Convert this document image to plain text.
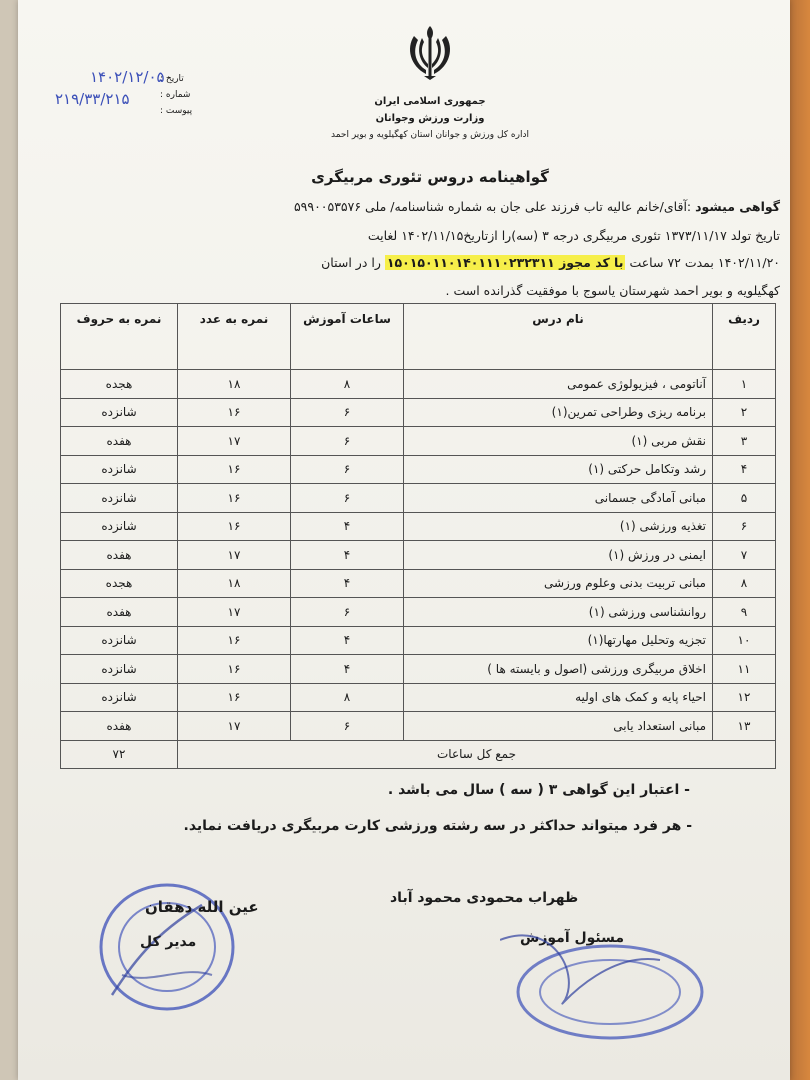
جمهوری اسلامی ایران
وزارت ورزش وجوانان
اداره کل ورزش و جوانان استان کهگیلویه و بویر احمد
تاریخ :
شماره :
پیوست :
۱۴۰۲/۱۲/۰۵
۲۱۹/۳۳/۲۱۵
گواهینامه دروس تئوری مربیگری
گواهی میشود :آقای/خانم عالیه تاب فرزند علی جان به شماره شناسنامه/ ملی ۵۹۹۰۰۵۳۵۷۶
تاریخ تولد ۱۳۷۳/۱۱/۱۷ تئوری مربیگری درجه ۳ (سه)را ازتاریخ۱۴۰۲/۱۱/۱۵ لغایت
۱۴۰۲/۱۱/۲۰ بمدت ۷۲ ساعت با کد مجوز ۱۵۰۱۵۰۱۱۰۱۴۰۱۱۱۰۲۳۲۳۱۱ را در استان
کهگیلویه و بویر احمد شهرستان یاسوج با موفقیت گذرانده است .
ردیف	نام درس	ساعات آموزش	نمره به عدد	نمره به حروف
۱	آناتومی ، فیزیولوژی عمومی	۸	۱۸	هجده
۲	برنامه ریزی وطراحی تمرین(۱)	۶	۱۶	شانزده
۳	نقش مربی (۱)	۶	۱۷	هفده
۴	رشد وتکامل حرکتی (۱)	۶	۱۶	شانزده
۵	مبانی آمادگی جسمانی	۶	۱۶	شانزده
۶	تغذیه ورزشی (۱)	۴	۱۶	شانزده
۷	ایمنی در ورزش (۱)	۴	۱۷	هفده
۸	مبانی تربیت بدنی وعلوم ورزشی	۴	۱۸	هجده
۹	روانشناسی ورزشی (۱)	۶	۱۷	هفده
۱۰	تجزیه وتحلیل مهارتها(۱)	۴	۱۶	شانزده
۱۱	اخلاق مربیگری ورزشی (اصول و بایسته ها )	۴	۱۶	شانزده
۱۲	احیاء پایه و کمک های اولیه	۸	۱۶	شانزده
۱۳	مبانی استعداد یابی	۶	۱۷	هفده
جمع کل ساعات				۷۲
- اعتبار این گواهی ۳ ( سه ) سال می باشد .
- هر فرد میتواند حداکثر در سه رشته ورزشی کارت مربیگری دریافت نماید.
عین الله دهقان
مدیر کل
ظهراب محمودی محمود آباد
مسئول آموزش
